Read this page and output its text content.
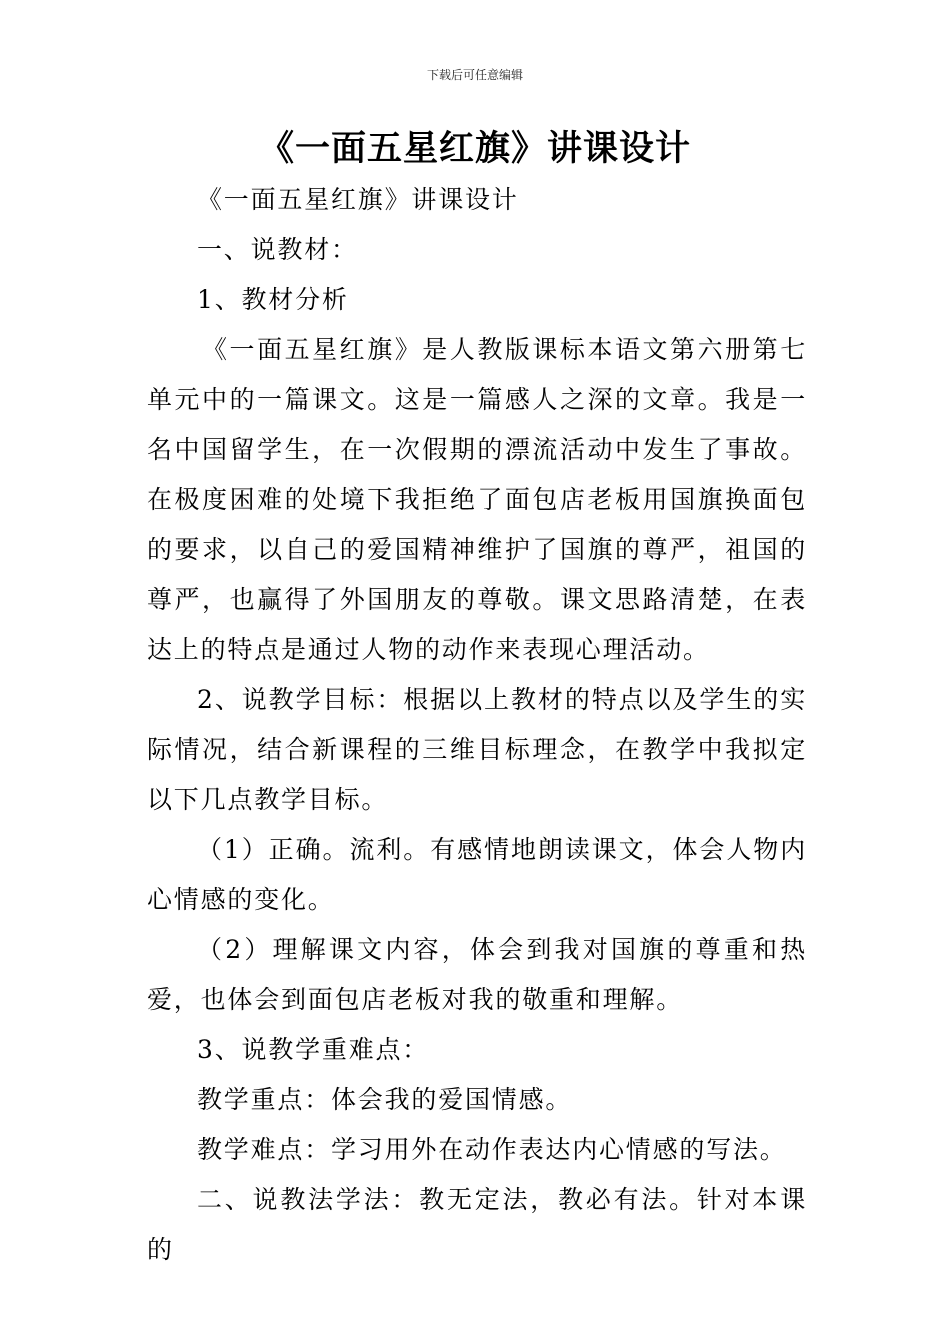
下载后可任意编辑
《一面五星红旗》讲课设计

《一面五星红旗》讲课设计

一、说教材：

1、教材分析

《一面五星红旗》是人教版课标本语文第六册第七单元中的一篇课文。这是一篇感人之深的文章。我是一名中国留学生，在一次假期的漂流活动中发生了事故。在极度困难的处境下我拒绝了面包店老板用国旗换面包的要求，以自己的爱国精神维护了国旗的尊严，祖国的尊严，也赢得了外国朋友的尊敬。课文思路清楚，在表达上的特点是通过人物的动作来表现心理活动。

2、说教学目标：根据以上教材的特点以及学生的实际情况，结合新课程的三维目标理念，在教学中我拟定以下几点教学目标。

（1）正确。流利。有感情地朗读课文，体会人物内心情感的变化。

（2）理解课文内容，体会到我对国旗的尊重和热爱，也体会到面包店老板对我的敬重和理解。

3、说教学重难点：

教学重点：体会我的爱国情感。

教学难点：学习用外在动作表达内心情感的写法。

二、说教法学法：教无定法，教必有法。针对本课的
